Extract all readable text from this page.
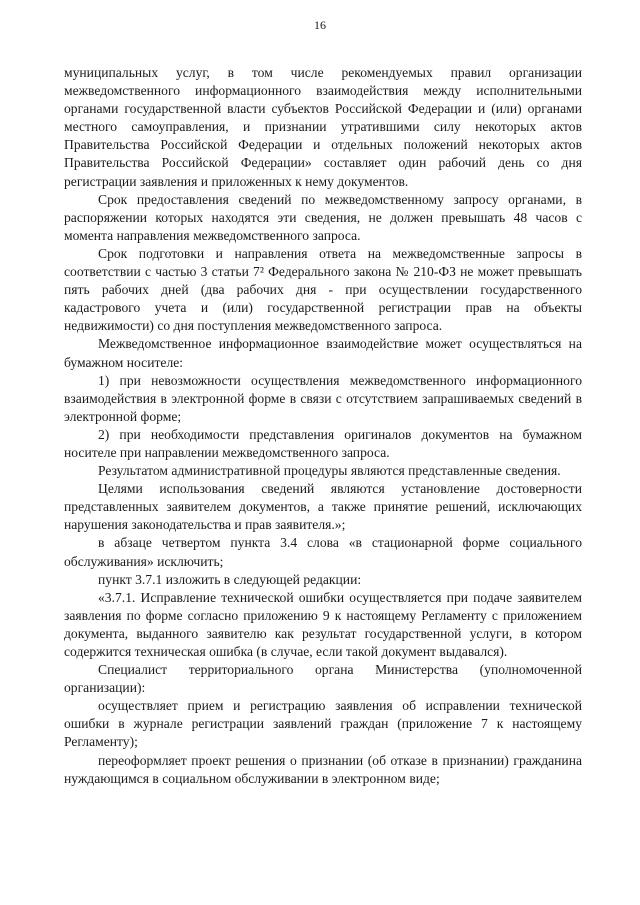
16

муниципальных услуг, в том числе рекомендуемых правил организации межведомственного информационного взаимодействия между исполнительными органами государственной власти субъектов Российской Федерации и (или) органами местного самоуправления, и признании утратившими силу некоторых актов Правительства Российской Федерации и отдельных положений некоторых актов Правительства Российской Федерации» составляет один рабочий день со дня регистрации заявления и приложенных к нему документов.

Срок предоставления сведений по межведомственному запросу органами, в распоряжении которых находятся эти сведения, не должен превышать 48 часов с момента направления межведомственного запроса.

Срок подготовки и направления ответа на межведомственные запросы в соответствии с частью 3 статьи 7² Федерального закона № 210-ФЗ не может превышать пять рабочих дней (два рабочих дня - при осуществлении государственного кадастрового учета и (или) государственной регистрации прав на объекты недвижимости) со дня поступления межведомственного запроса.

Межведомственное информационное взаимодействие может осуществляться на бумажном носителе:

1) при невозможности осуществления межведомственного информационного взаимодействия в электронной форме в связи с отсутствием запрашиваемых сведений в электронной форме;

2) при необходимости представления оригиналов документов на бумажном носителе при направлении межведомственного запроса.

Результатом административной процедуры являются представленные сведения.

Целями использования сведений являются установление достоверности представленных заявителем документов, а также принятие решений, исключающих нарушения законодательства и прав заявителя.»;

в абзаце четвертом пункта 3.4 слова «в стационарной форме социального обслуживания» исключить;

пункт 3.7.1 изложить в следующей редакции:

«3.7.1. Исправление технической ошибки осуществляется при подаче заявителем заявления по форме согласно приложению 9 к настоящему Регламенту с приложением документа, выданного заявителю как результат государственной услуги, в котором содержится техническая ошибка (в случае, если такой документ выдавался).

Специалист территориального органа Министерства (уполномоченной организации):

осуществляет прием и регистрацию заявления об исправлении технической ошибки в журнале регистрации заявлений граждан (приложение 7 к настоящему Регламенту);

переоформляет проект решения о признании (об отказе в признании) гражданина нуждающимся в социальном обслуживании в электронном виде;
